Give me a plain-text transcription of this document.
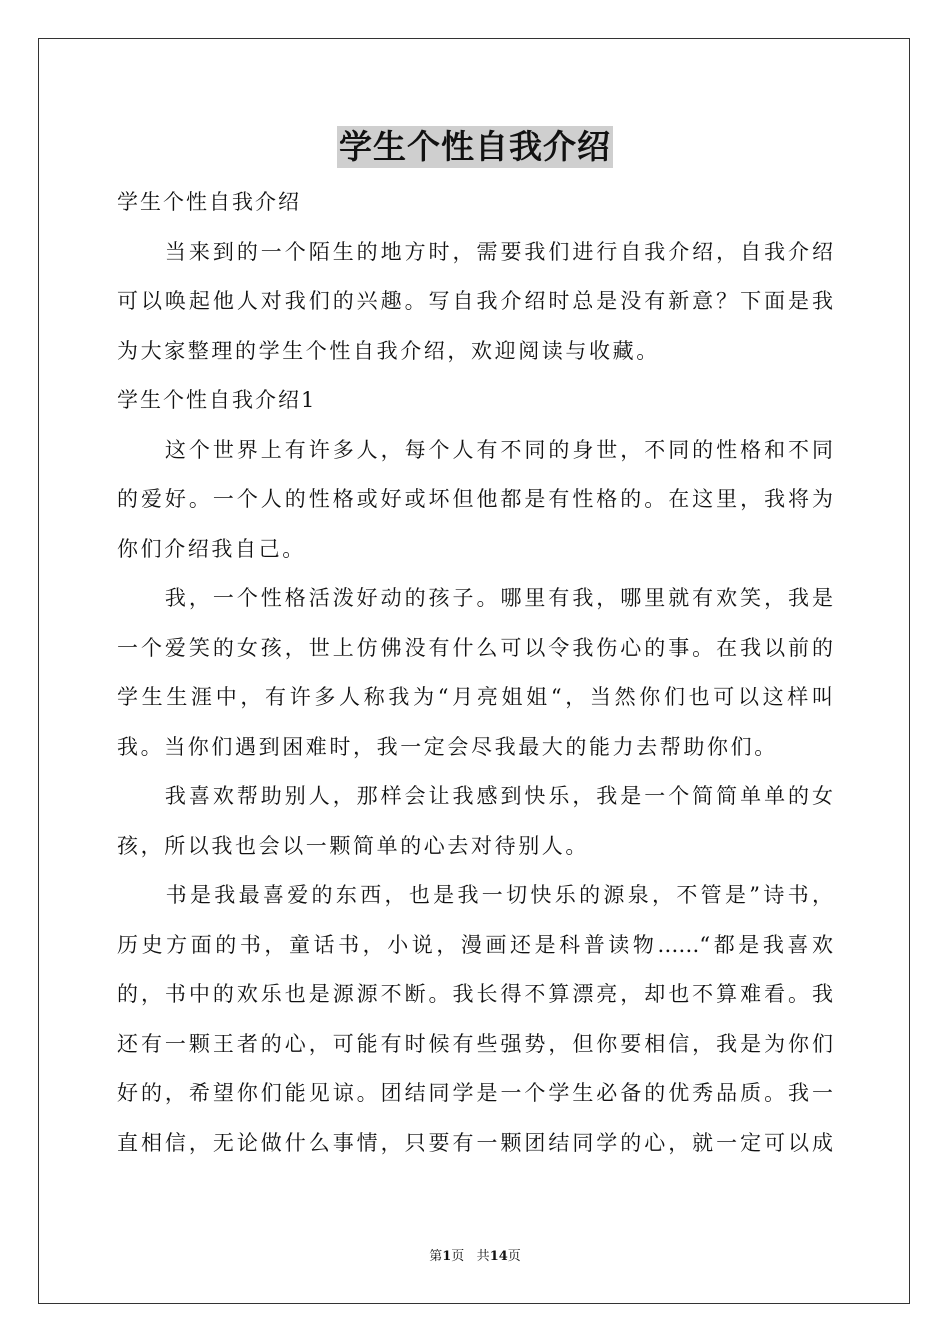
学生个性自我介绍
学生个性自我介绍
　　当来到的一个陌生的地方时，需要我们进行自我介绍，自我介绍
可以唤起他人对我们的兴趣。写自我介绍时总是没有新意？下面是我
为大家整理的学生个性自我介绍，欢迎阅读与收藏。
学生个性自我介绍1
　　这个世界上有许多人，每个人有不同的身世，不同的性格和不同
的爱好。一个人的性格或好或坏但他都是有性格的。在这里，我将为
你们介绍我自己。
　　我，一个性格活泼好动的孩子。哪里有我，哪里就有欢笑，我是
一个爱笑的女孩，世上仿佛没有什么可以令我伤心的事。在我以前的
学生生涯中，有许多人称我为“月亮姐姐“，当然你们也可以这样叫
我。当你们遇到困难时，我一定会尽我最大的能力去帮助你们。
　　我喜欢帮助别人，那样会让我感到快乐，我是一个简简单单的女
孩，所以我也会以一颗简单的心去对待别人。
　　书是我最喜爱的东西，也是我一切快乐的源泉，不管是”诗书，
历史方面的书，童话书，小说，漫画还是科普读物……“都是我喜欢
的，书中的欢乐也是源源不断。我长得不算漂亮，却也不算难看。我
还有一颗王者的心，可能有时候有些强势，但你要相信，我是为你们
好的，希望你们能见谅。团结同学是一个学生必备的优秀品质。我一
直相信，无论做什么事情，只要有一颗团结同学的心，就一定可以成
第1页 共14页
